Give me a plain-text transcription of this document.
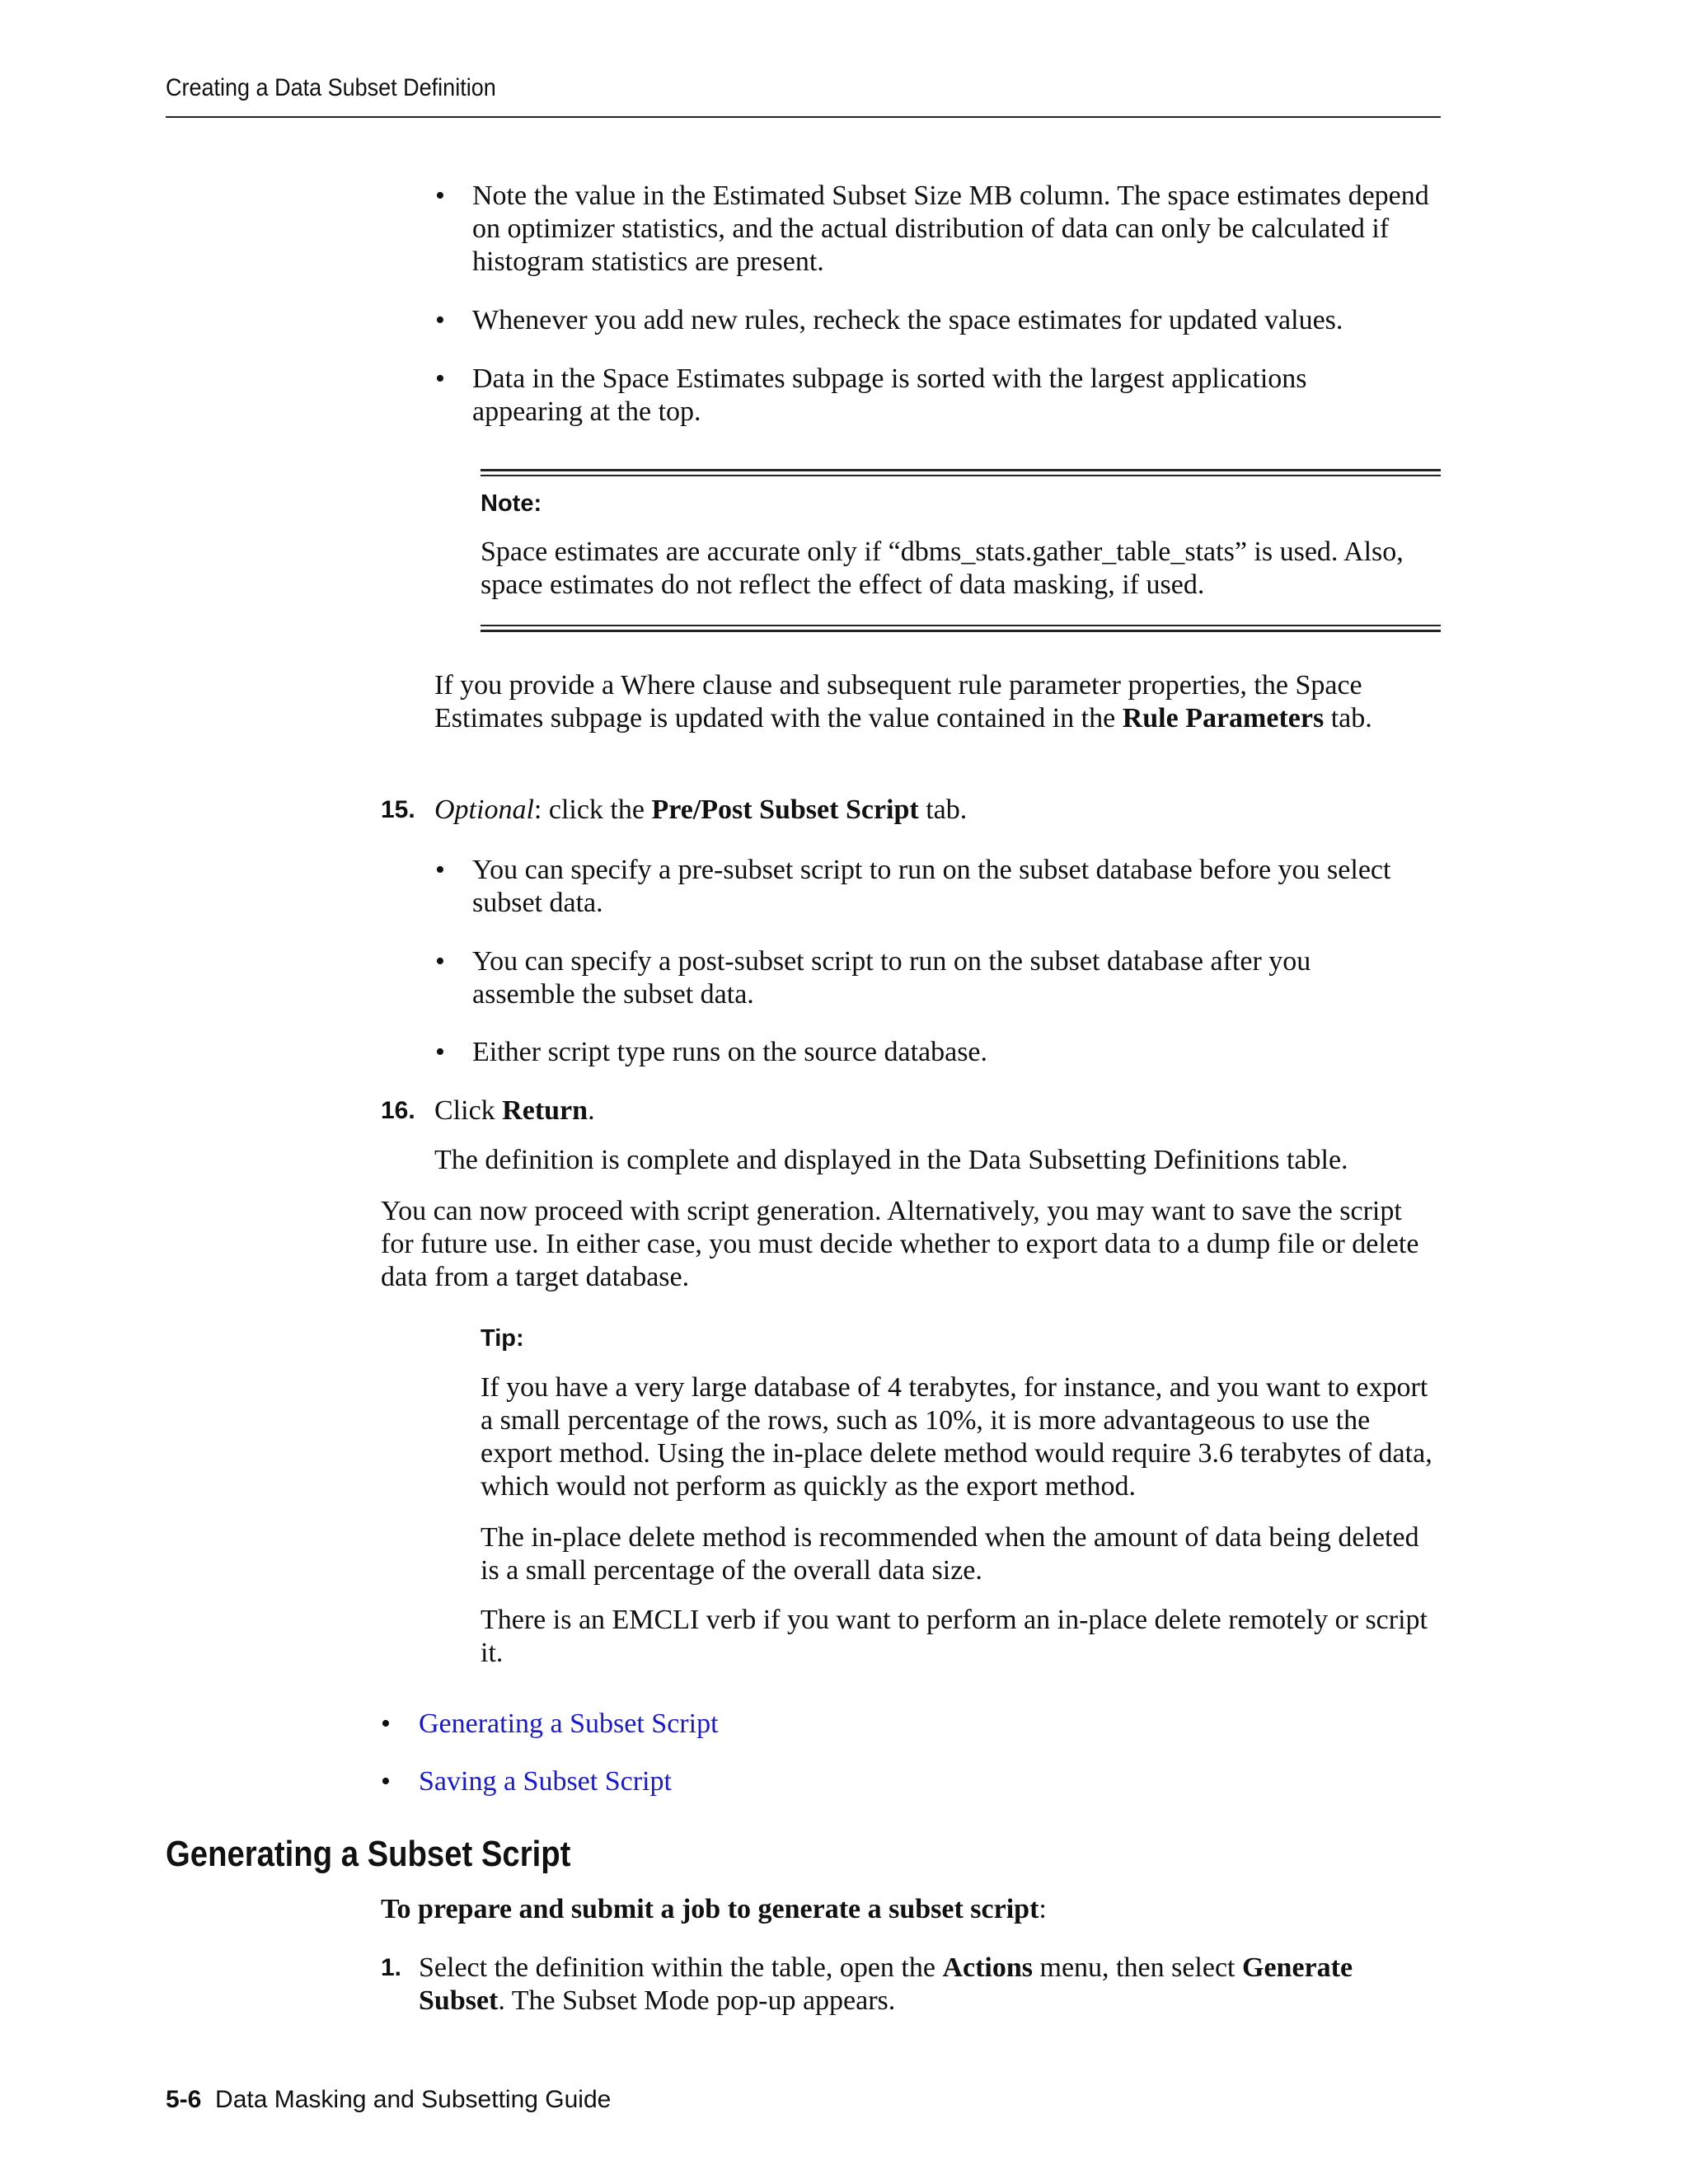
Creating a Data Subset Definition
• Note the value in the Estimated Subset Size MB column. The space estimates depend on optimizer statistics, and the actual distribution of data can only be calculated if histogram statistics are present.
• Whenever you add new rules, recheck the space estimates for updated values.
• Data in the Space Estimates subpage is sorted with the largest applications appearing at the top.
Note:
Space estimates are accurate only if “dbms_stats.gather_table_stats” is used. Also, space estimates do not reflect the effect of data masking, if used.
If you provide a Where clause and subsequent rule parameter properties, the Space Estimates subpage is updated with the value contained in the Rule Parameters tab.
15. Optional: click the Pre/Post Subset Script tab.
• You can specify a pre-subset script to run on the subset database before you select subset data.
• You can specify a post-subset script to run on the subset database after you assemble the subset data.
• Either script type runs on the source database.
16. Click Return.
The definition is complete and displayed in the Data Subsetting Definitions table.
You can now proceed with script generation. Alternatively, you may want to save the script for future use. In either case, you must decide whether to export data to a dump file or delete data from a target database.
Tip:
If you have a very large database of 4 terabytes, for instance, and you want to export a small percentage of the rows, such as 10%, it is more advantageous to use the export method. Using the in-place delete method would require 3.6 terabytes of data, which would not perform as quickly as the export method.
The in-place delete method is recommended when the amount of data being deleted is a small percentage of the overall data size.
There is an EMCLI verb if you want to perform an in-place delete remotely or script it.
• Generating a Subset Script
• Saving a Subset Script
Generating a Subset Script
To prepare and submit a job to generate a subset script:
1. Select the definition within the table, open the Actions menu, then select Generate Subset. The Subset Mode pop-up appears.
5-6 Data Masking and Subsetting Guide
